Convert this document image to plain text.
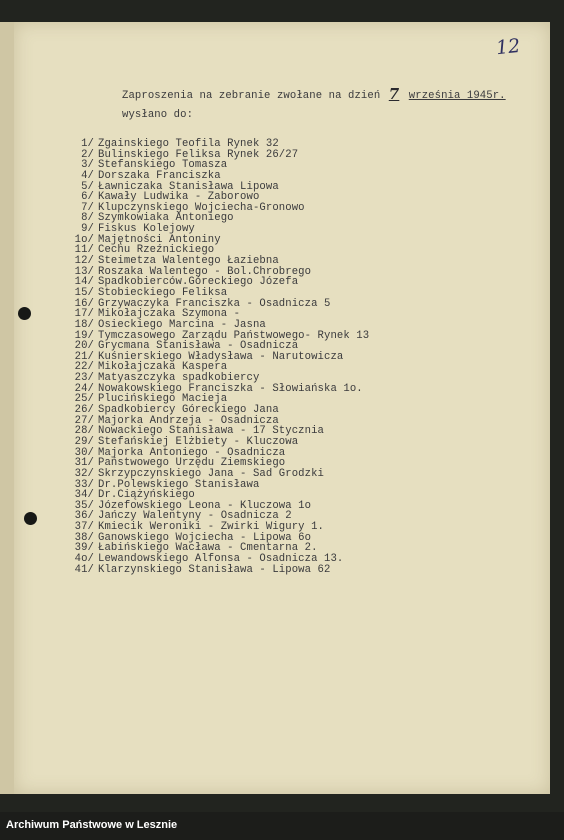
12
Zaproszenia na zebranie zwołane na dzień 7 września 1945r.
wysłano do:
1/ Zgainskiego Teofila Rynek 32
2/ Bulinskiego Feliksa Rynek 26/27
3/ Stefanskiego Tomasza
4/ Dorszaka Franciszka
5/ Ławniczaka Stanisława Lipowa
6/ Kawały Ludwika - Zaborowo
7/ Klupczynskiego Wojciecha-Gronowo
8/ Szymkowiaka Antoniego
9/ Fiskus Kolejowy
1o/ Majętności Antoniny
11/ Cechu Rzeźnickiego
12/ Steimetza Walentego Łaziebna
13/ Roszaka Walentego - Bol.Chrobrego
14/ Spadkobierców.Góreckiego Józefa
15/ Stobieckiego Feliksa
16/ Grzywaczyka Franciszka - Osadnicza 5
17/ Mikołajczaka Szymona -
18/ Osieckiego Marcina - Jasna
19/ Tymczasowego Zarządu Państwowego- Rynek 13
20/ Grycmana Stanisława - Osadnicza
21/ Kuśnierskiego Władysława - Narutowicza
22/ Mikołajczaka Kaspera
23/ Matyaszczyka spadkobiercy
24/ Nowakowskiego Franciszka - Słowiańska 1o.
25/ Plucińskiego Macieja
26/ Spadkobiercy Góreckiego Jana
27/ Majorka Andrzeja - Osadnicza
28/ Nowackiego Stanisława - 17 Stycznia
29/ Stefańskiej Elżbiety - Kluczowa
30/ Majorka Antoniego - Osadnicza
31/ Państwowego Urzędu Ziemskiego
32/ Skrzypczynskiego Jana - Sad Grodzki
33/ Dr.Polewskiego Stanisława
34/ Dr.Ciążyńskiego
35/ Józefowskiego Leona - Kluczowa 1o
36/ Jańczy Walentyny - Osadnicza 2
37/ Kmiecik Weroniki - Zwirki Wigury 1.
38/ Ganowskiego Wojciecha - Lipowa 6o
39/ Łabińskiego Wacława - Cmentarna 2.
4o/ Lewandowskiego Alfonsa - Osadnicza 13.
41/ Klarzynskiego Stanisława - Lipowa 62
Archiwum Państwowe w Lesznie
